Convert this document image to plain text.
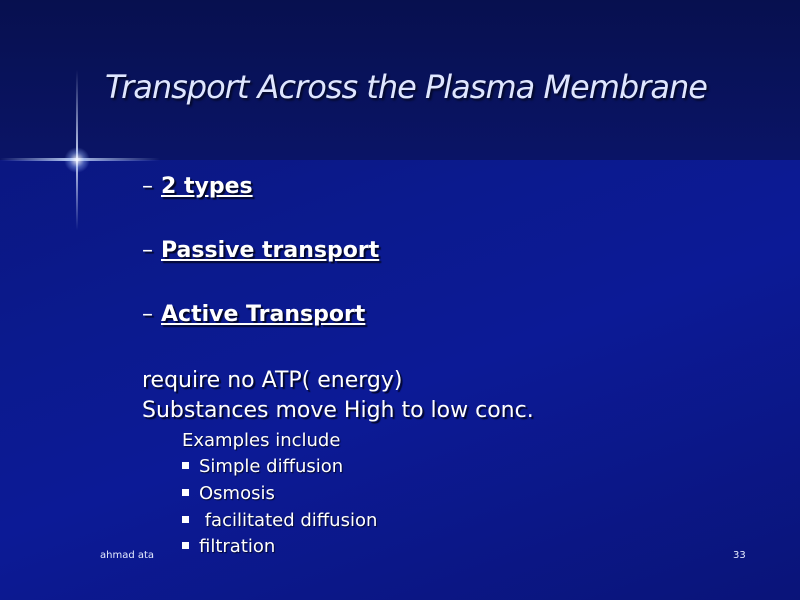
Transport Across the Plasma Membrane
– 2 types
– Passive transport
– Active Transport
require no ATP( energy)
Substances move High to low conc.
Examples include
Simple diffusion
Osmosis
facilitated diffusion
filtration
ahmad ata	33
